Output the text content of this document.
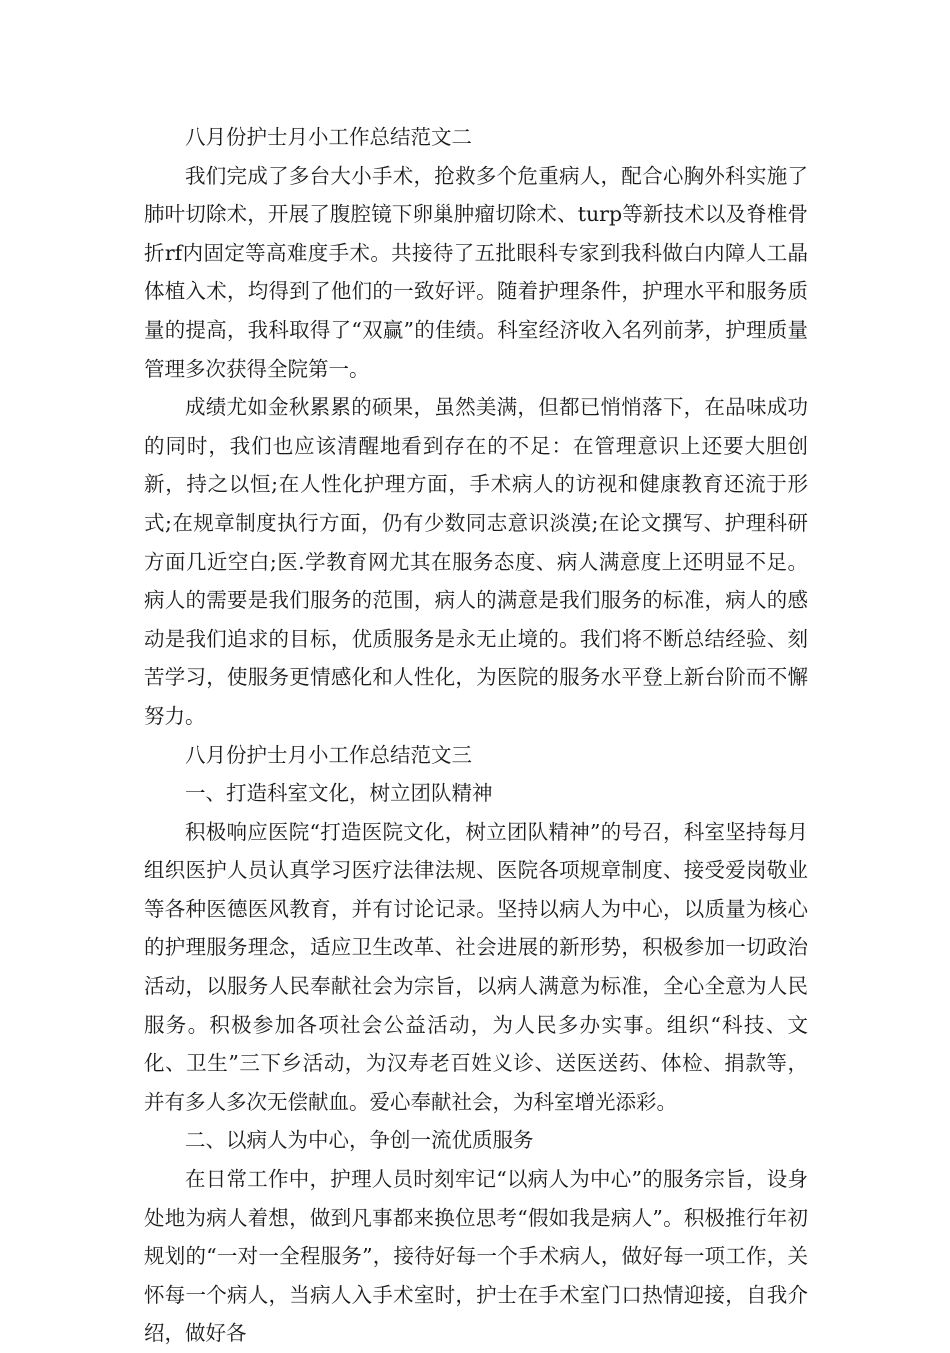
八月份护士月小工作总结范文二

我们完成了多台大小手术，抢救多个危重病人，配合心胸外科实施了肺叶切除术，开展了腹腔镜下卵巢肿瘤切除术、turp等新技术以及脊椎骨折rf内固定等高难度手术。共接待了五批眼科专家到我科做白内障人工晶体植入术，均得到了他们的一致好评。随着护理条件，护理水平和服务质量的提高，我科取得了“双赢”的佳绩。科室经济收入名列前茅，护理质量管理多次获得全院第一。

成绩尤如金秋累累的硕果，虽然美满，但都已悄悄落下，在品味成功的同时，我们也应该清醒地看到存在的不足：在管理意识上还要大胆创新，持之以恒;在人性化护理方面，手术病人的访视和健康教育还流于形式;在规章制度执行方面，仍有少数同志意识淡漠;在论文撰写、护理科研方面几近空白;医.学教育网尤其在服务态度、病人满意度上还明显不足。病人的需要是我们服务的范围，病人的满意是我们服务的标准，病人的感动是我们追求的目标，优质服务是永无止境的。我们将不断总结经验、刻苦学习，使服务更情感化和人性化，为医院的服务水平登上新台阶而不懈努力。

八月份护士月小工作总结范文三

一、打造科室文化，树立团队精神

积极响应医院“打造医院文化，树立团队精神”的号召，科室坚持每月组织医护人员认真学习医疗法律法规、医院各项规章制度、接受爱岗敬业等各种医德医风教育，并有讨论记录。坚持以病人为中心，以质量为核心的护理服务理念，适应卫生改革、社会进展的新形势，积极参加一切政治活动，以服务人民奉献社会为宗旨，以病人满意为标准，全心全意为人民服务。积极参加各项社会公益活动，为人民多办实事。组织“科技、文化、卫生”三下乡活动，为汉寿老百姓义诊、送医送药、体检、捐款等，并有多人多次无偿献血。爱心奉献社会，为科室增光添彩。

二、以病人为中心，争创一流优质服务

在日常工作中，护理人员时刻牢记“以病人为中心”的服务宗旨，设身处地为病人着想，做到凡事都来换位思考“假如我是病人”。积极推行年初规划的“一对一全程服务”，接待好每一个手术病人，做好每一项工作，关怀每一个病人，当病人入手术室时，护士在手术室门口热情迎接，自我介绍，做好各
